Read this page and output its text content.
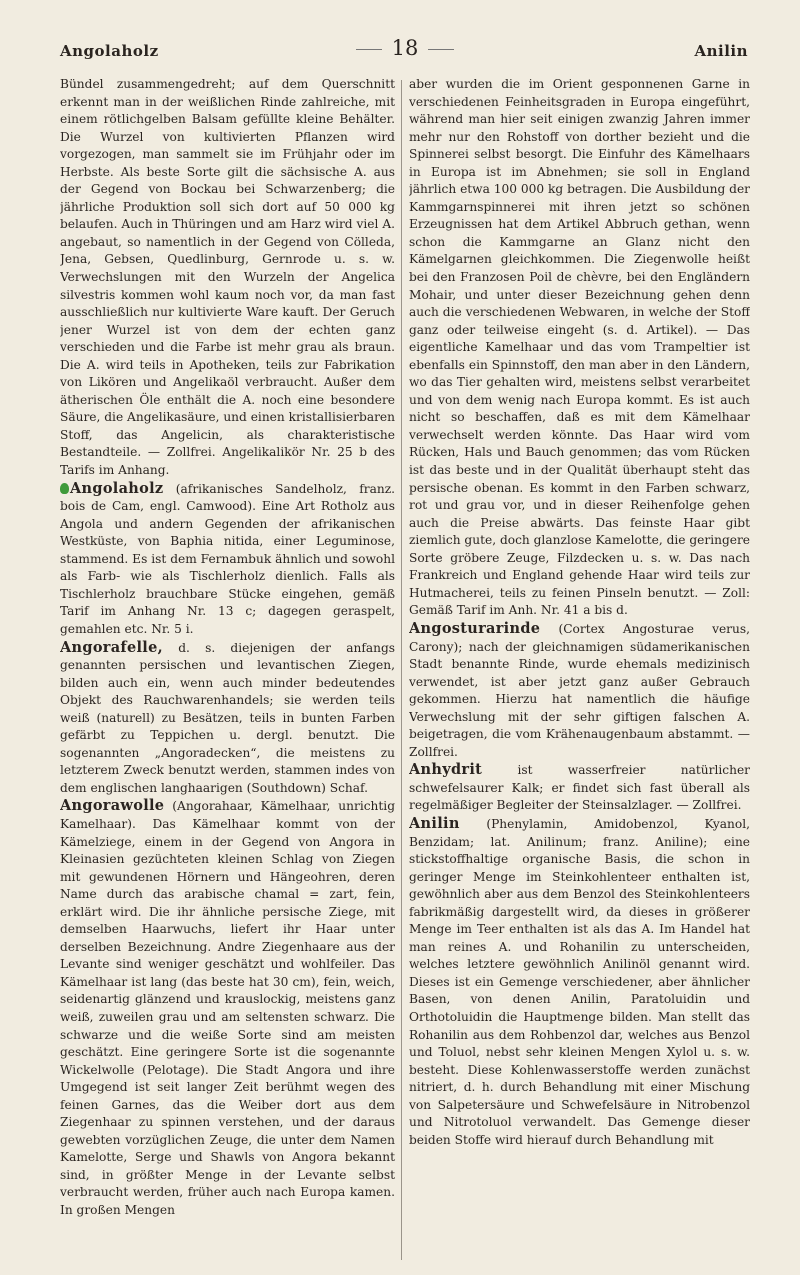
Angolaholz	18	Anilin

Bündel zusammengedreht; auf dem Querschnitt erkennt man in der weißlichen Rinde zahlreiche, mit einem rötlichgelben Balsam gefüllte kleine Behälter. Die Wurzel von kultivierten Pflanzen wird vorgezogen, man sammelt sie im Frühjahr oder im Herbste. Als beste Sorte gilt die sächsische A. aus der Gegend von Bockau bei Schwarzenberg; die jährliche Produktion soll sich dort auf 50 000 kg belaufen. Auch in Thüringen und am Harz wird viel A. angebaut, so namentlich in der Gegend von Cölleda, Jena, Gebsen, Quedlinburg, Gernrode u. s. w. Verwechslungen mit den Wurzeln der Angelica silvestris kommen wohl kaum noch vor, da man fast ausschließlich nur kultivierte Ware kauft. Der Geruch jener Wurzel ist von dem der echten ganz verschieden und die Farbe ist mehr grau als braun. Die A. wird teils in Apotheken, teils zur Fabrikation von Likören und Angelikaöl verbraucht. Außer dem ätherischen Öle enthält die A. noch eine besondere Säure, die Angelikasäure, und einen kristallisierbaren Stoff, das Angelicin, als charakteristische Bestandteile. — Zollfrei. Angelikalikör Nr. 25 b des Tarifs im Anhang.

Angolaholz (afrikanisches Sandelholz, franz. bois de Cam, engl. Camwood). Eine Art Rotholz aus Angola und andern Gegenden der afrikanischen Westküste, von Baphia nitida, einer Leguminose, stammend. Es ist dem Fernambuk ähnlich und sowohl als Farb- wie als Tischlerholz dienlich. Falls als Tischlerholz brauchbare Stücke eingehen, gemäß Tarif im Anhang Nr. 13 c; dagegen geraspelt, gemahlen etc. Nr. 5 i.

Angorafelle, d. s. diejenigen der anfangs genannten persischen und levantischen Ziegen, bilden auch ein, wenn auch minder bedeutendes Objekt des Rauchwarenhandels; sie werden teils weiß (naturell) zu Besätzen, teils in bunten Farben gefärbt zu Teppichen u. dergl. benutzt. Die sogenannten „Angoradecken“, die meistens zu letzterem Zweck benutzt werden, stammen indes von dem englischen langhaarigen (Southdown) Schaf.

Angorawolle (Angorahaar, Kämelhaar, unrichtig Kamelhaar). Das Kämelhaar kommt von der Kämelziege, einem in der Gegend von Angora in Kleinasien gezüchteten kleinen Schlag von Ziegen mit gewundenen Hörnern und Hängeohren, deren Name durch das arabische chamal = zart, fein, erklärt wird. Die ihr ähnliche persische Ziege, mit demselben Haarwuchs, liefert ihr Haar unter derselben Bezeichnung. Andre Ziegenhaare aus der Levante sind weniger geschätzt und wohlfeiler. Das Kämelhaar ist lang (das beste hat 30 cm), fein, weich, seidenartig glänzend und krauslockig, meistens ganz weiß, zuweilen grau und am seltensten schwarz. Die schwarze und die weiße Sorte sind am meisten geschätzt. Eine geringere Sorte ist die sogenannte Wickelwolle (Pelotage). Die Stadt Angora und ihre Umgegend ist seit langer Zeit berühmt wegen des feinen Garnes, das die Weiber dort aus dem Ziegenhaar zu spinnen verstehen, und der daraus gewebten vorzüglichen Zeuge, die unter dem Namen Kamelotte, Serge und Shawls von Angora bekannt sind, in größter Menge in der Levante selbst verbraucht werden, früher auch nach Europa kamen. In großen Mengen

aber wurden die im Orient gesponnenen Garne in verschiedenen Feinheitsgraden in Europa eingeführt, während man hier seit einigen zwanzig Jahren immer mehr nur den Rohstoff von dorther bezieht und die Spinnerei selbst besorgt. Die Einfuhr des Kämelhaars in Europa ist im Abnehmen; sie soll in England jährlich etwa 100 000 kg betragen. Die Ausbildung der Kammgarnspinnerei mit ihren jetzt so schönen Erzeugnissen hat dem Artikel Abbruch gethan, wenn schon die Kammgarne an Glanz nicht den Kämelgarnen gleichkommen. Die Ziegenwolle heißt bei den Franzosen Poil de chèvre, bei den Engländern Mohair, und unter dieser Bezeichnung gehen denn auch die verschiedenen Webwaren, in welche der Stoff ganz oder teilweise eingeht (s. d. Artikel). — Das eigentliche Kamelhaar und das vom Trampeltier ist ebenfalls ein Spinnstoff, den man aber in den Ländern, wo das Tier gehalten wird, meistens selbst verarbeitet und von dem wenig nach Europa kommt. Es ist auch nicht so beschaffen, daß es mit dem Kämelhaar verwechselt werden könnte. Das Haar wird vom Rücken, Hals und Bauch genommen; das vom Rücken ist das beste und in der Qualität überhaupt steht das persische obenan. Es kommt in den Farben schwarz, rot und grau vor, und in dieser Reihenfolge gehen auch die Preise abwärts. Das feinste Haar gibt ziemlich gute, doch glanzlose Kamelotte, die geringere Sorte gröbere Zeuge, Filzdecken u. s. w. Das nach Frankreich und England gehende Haar wird teils zur Hutmacherei, teils zu feinen Pinseln benutzt. — Zoll: Gemäß Tarif im Anh. Nr. 41 a bis d.

Angosturarinde (Cortex Angosturae verus, Carony); nach der gleichnamigen südamerikanischen Stadt benannte Rinde, wurde ehemals medizinisch verwendet, ist aber jetzt ganz außer Gebrauch gekommen. Hierzu hat namentlich die häufige Verwechslung mit der sehr giftigen falschen A. beigetragen, die vom Krähenaugenbaum abstammt. — Zollfrei.

Anhydrit ist wasserfreier natürlicher schwefelsaurer Kalk; er findet sich fast überall als regelmäßiger Begleiter der Steinsalzlager. — Zollfrei.

Anilin (Phenylamin, Amidobenzol, Kyanol, Benzidam; lat. Anilinum; franz. Aniline); eine stickstoffhaltige organische Basis, die schon in geringer Menge im Steinkohlenteer enthalten ist, gewöhnlich aber aus dem Benzol des Steinkohlenteers fabrikmäßig dargestellt wird, da dieses in größerer Menge im Teer enthalten ist als das A. Im Handel hat man reines A. und Rohanilin zu unterscheiden, welches letztere gewöhnlich Anilinöl genannt wird. Dieses ist ein Gemenge verschiedener, aber ähnlicher Basen, von denen Anilin, Paratoluidin und Orthotoluidin die Hauptmenge bilden. Man stellt das Rohanilin aus dem Rohbenzol dar, welches aus Benzol und Toluol, nebst sehr kleinen Mengen Xylol u. s. w. besteht. Diese Kohlenwasserstoffe werden zunächst nitriert, d. h. durch Behandlung mit einer Mischung von Salpetersäure und Schwefelsäure in Nitrobenzol und Nitrotoluol verwandelt. Das Gemenge dieser beiden Stoffe wird hierauf durch Behandlung mit
